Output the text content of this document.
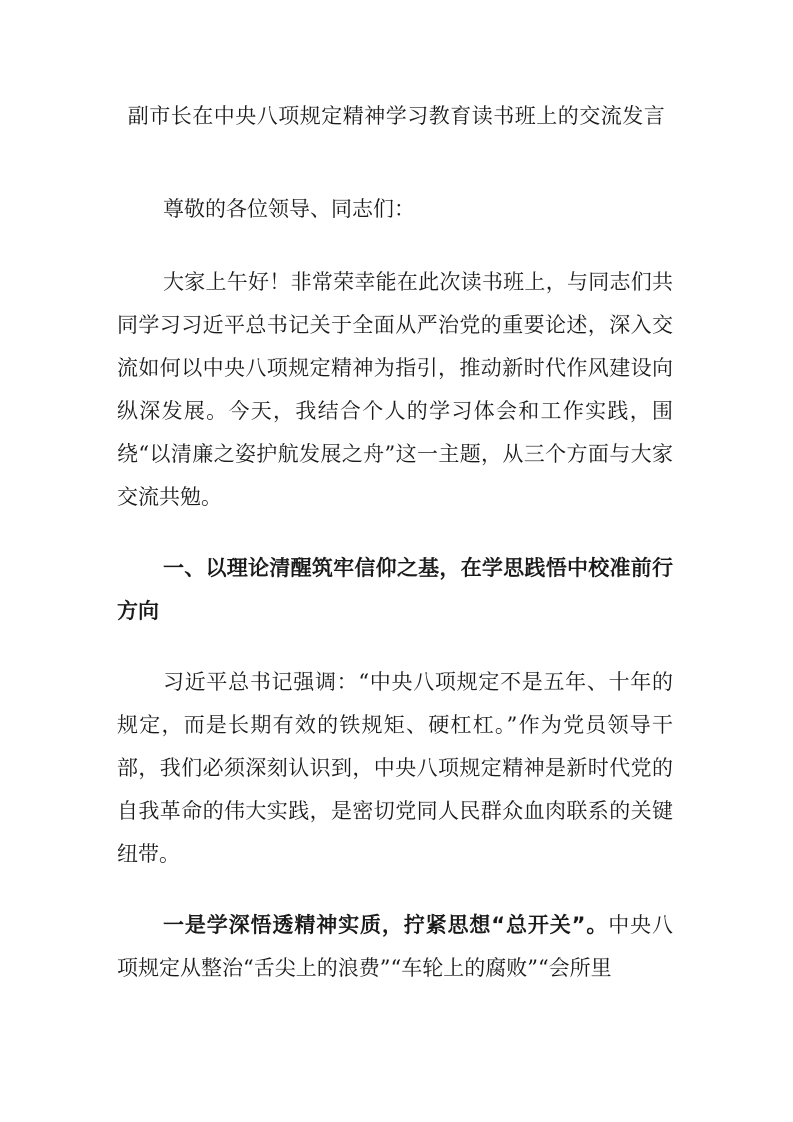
副市长在中央八项规定精神学习教育读书班上的交流发言

尊敬的各位领导、同志们：

大家上午好！非常荣幸能在此次读书班上，与同志们共同学习习近平总书记关于全面从严治党的重要论述，深入交流如何以中央八项规定精神为指引，推动新时代作风建设向纵深发展。今天，我结合个人的学习体会和工作实践，围绕“以清廉之姿护航发展之舟”这一主题，从三个方面与大家交流共勉。

一、以理论清醒筑牢信仰之基，在学思践悟中校准前行方向

习近平总书记强调：“中央八项规定不是五年、十年的规定，而是长期有效的铁规矩、硬杠杠。”作为党员领导干部，我们必须深刻认识到，中央八项规定精神是新时代党的自我革命的伟大实践，是密切党同人民群众血肉联系的关键纽带。

一是学深悟透精神实质，拧紧思想“总开关”。中央八项规定从整治“舌尖上的浪费”“车轮上的腐败”“会所里
